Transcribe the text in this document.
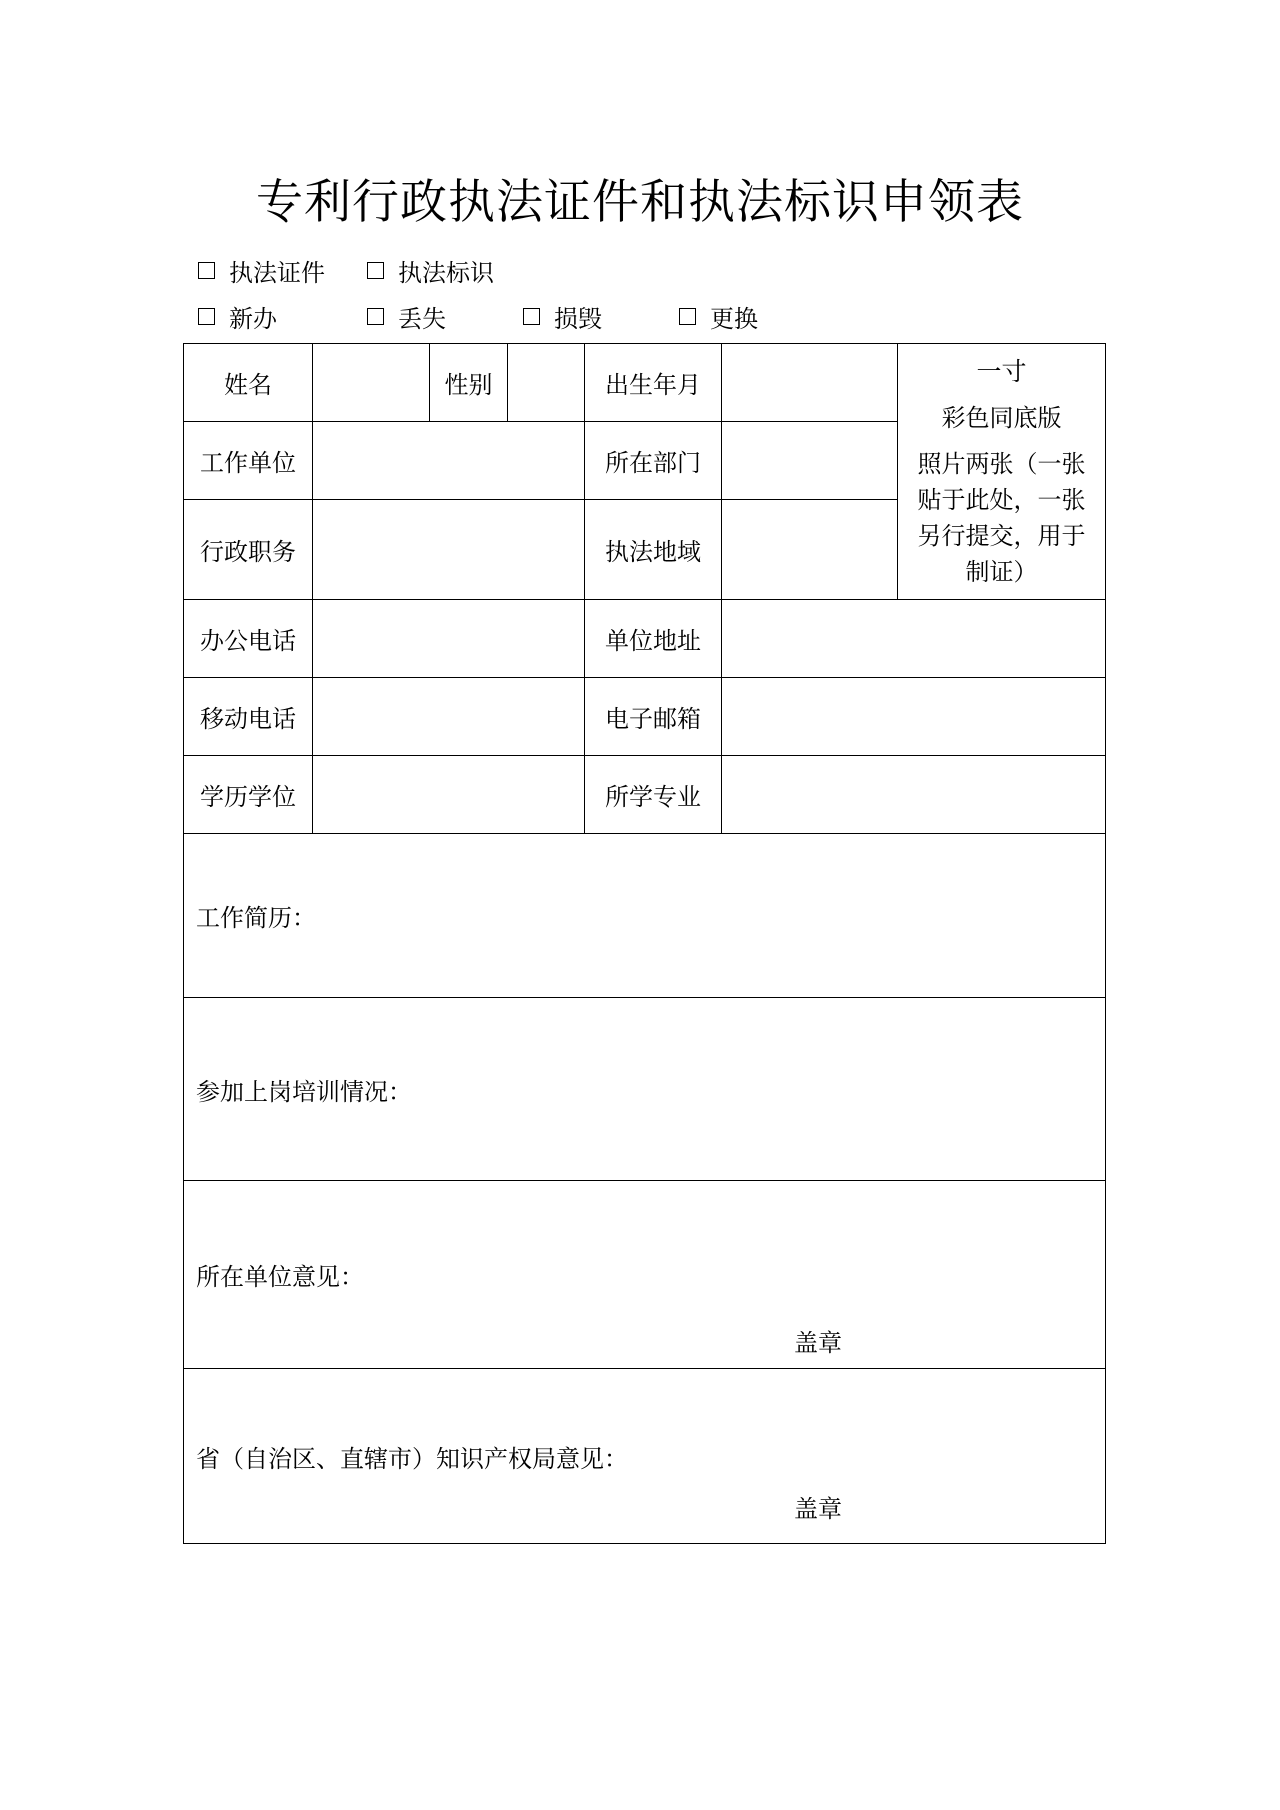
专利行政执法证件和执法标识申领表
执法证件	执法标识
新办	丢失	损毁	更换
姓名		性别		出生年月		一寸
彩色同底版
照片两张（一张贴于此处，一张另行提交，用于制证）

工作单位				所在部门		
行政职务				执法地域		
办公电话				单位地址		
移动电话				电子邮箱		
学历学位				所学专业		
工作简历：						
参加上岗培训情况：						
所在单位意见：
盖章						

省（自治区、直辖市）知识产权局意见：
盖章						
